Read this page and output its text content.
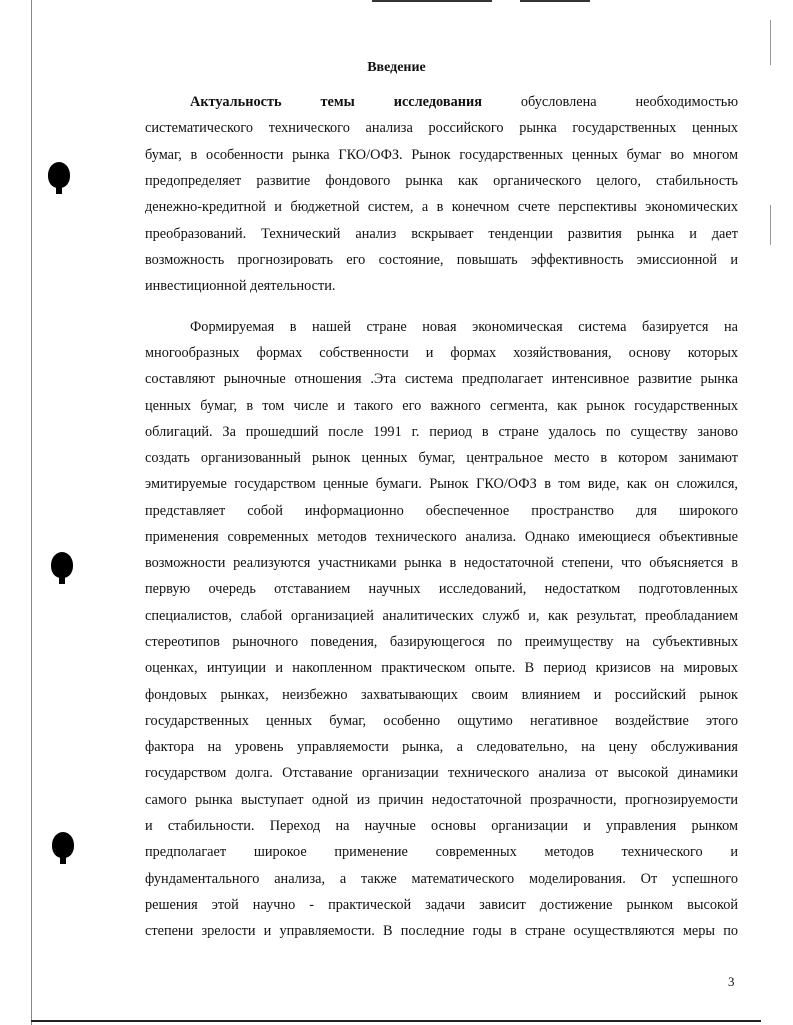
Введение
Актуальность	темы	исследования	обусловлена необходимостью
систематического технического анализа российского рынка государственных ценных
бумаг, в особенности рынка ГКО/ОФЗ. Рынок государственных ценных бумаг во многом
предопределяет развитие фондового рынка как органического целого, стабильность
денежно-кредитной и бюджетной систем, а в конечном счете перспективы экономических
преобразований. Технический анализ вскрывает тенденции развития рынка и дает
возможность прогнозировать его состояние, повышать эффективность эмиссионной и
инвестиционной деятельности.
Формируемая в нашей стране новая экономическая система базируется на
многообразных формах собственности и формах хозяйствования, основу которых
составляют рыночные отношения .Эта система предполагает интенсивное развитие рынка
ценных бумаг, в том числе и такого его важного сегмента, как рынок государственных
облигаций. За прошедший после 1991 г. период в стране удалось по существу заново
создать организованный рынок ценных бумаг, центральное место в котором занимают
эмитируемые государством ценные бумаги. Рынок ГКО/ОФЗ в том виде, как он сложился,
представляет собой информационно обеспеченное пространство для широкого
применения современных методов технического анализа. Однако имеющиеся объективные
возможности реализуются участниками рынка в недостаточной степени, что объясняется в
первую очередь отставанием научных исследований, недостатком подготовленных
специалистов, слабой организацией аналитических служб и, как результат, преобладанием
стереотипов рыночного поведения, базирующегося по преимуществу на субъективных
оценках, интуиции и накопленном практическом опыте. В период кризисов на мировых
фондовых рынках, неизбежно захватывающих своим влиянием и российский рынок
государственных ценных бумаг, особенно ощутимо негативное воздействие этого
фактора на уровень управляемости рынка, а следовательно, на цену обслуживания
государством долга. Отставание организации технического анализа от высокой динамики
самого рынка выступает одной из причин недостаточной прозрачности, прогнозируемости
и стабильности. Переход на научные основы организации и управления рынком
предполагает широкое применение современных методов технического и
фундаментального анализа, а также математического моделирования. От успешного
решения этой научно - практической задачи зависит достижение рынком высокой
степени зрелости и управляемости. В последние годы в стране осуществляются меры по
3
